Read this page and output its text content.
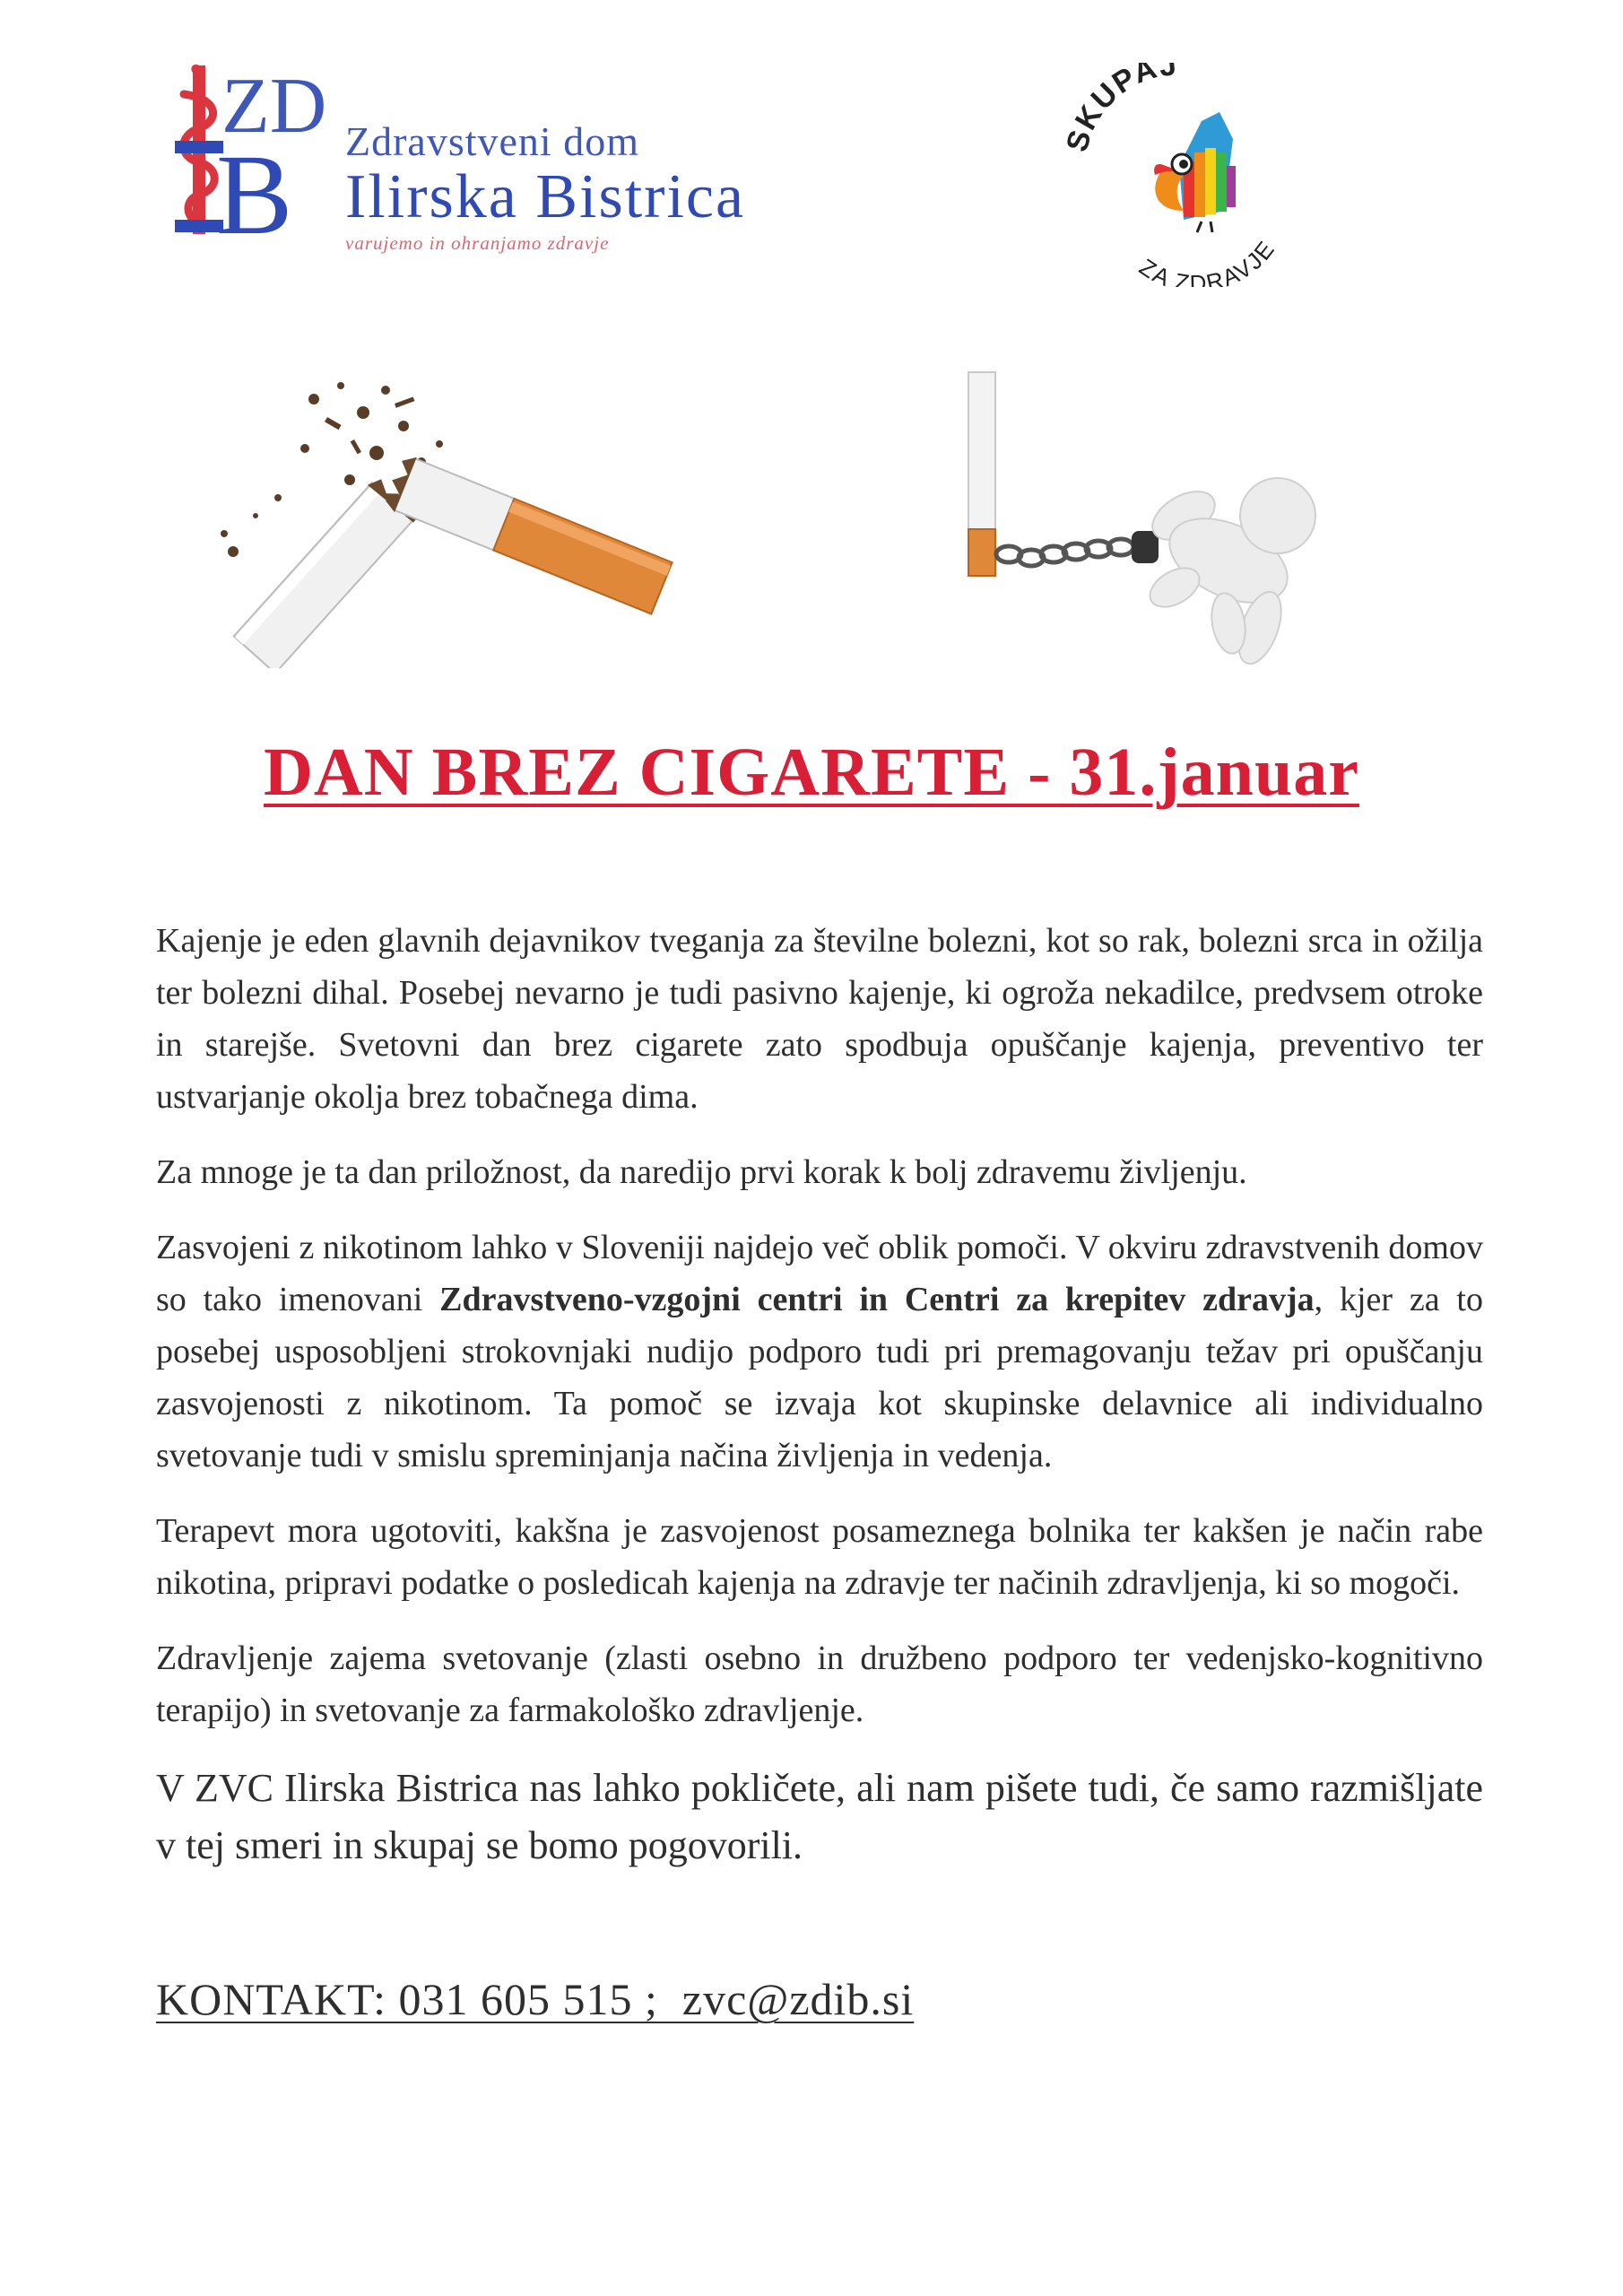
ZD
B Zdravstveni dom
Ilirska Bistrica
varujemo in ohranjamo zdravje
SKUPAJ
ZA ZDRAVJE
DAN BREZ CIGARETE - 31.januar

Kajenje je eden glavnih dejavnikov tveganja za številne bolezni, kot so rak, bolezni srca in ožilja ter bolezni dihal. Posebej nevarno je tudi pasivno kajenje, ki ogroža nekadilce, predvsem otroke in starejše. Svetovni dan brez cigarete zato spodbuja opuščanje kajenja, preventivo ter ustvarjanje okolja brez tobačnega dima.

Za mnoge je ta dan priložnost, da naredijo prvi korak k bolj zdravemu življenju.

Zasvojeni z nikotinom lahko v Sloveniji najdejo več oblik pomoči. V okviru zdravstvenih domov so tako imenovani Zdravstveno-vzgojni centri in Centri za krepitev zdravja, kjer za to posebej usposobljeni strokovnjaki nudijo podporo tudi pri premagovanju težav pri opuščanju zasvojenosti z nikotinom. Ta pomoč se izvaja kot skupinske delavnice ali individualno svetovanje tudi v smislu spreminjanja načina življenja in vedenja.

Terapevt mora ugotoviti, kakšna je zasvojenost posameznega bolnika ter kakšen je način rabe nikotina, pripravi podatke o posledicah kajenja na zdravje ter načinih zdravljenja, ki so mogoči.

Zdravljenje zajema svetovanje (zlasti osebno in družbeno podporo ter vedenjsko-kognitivno terapijo) in svetovanje za farmakološko zdravljenje.

V ZVC Ilirska Bistrica nas lahko pokličete, ali nam pišete tudi, če samo razmišljate v tej smeri in skupaj se bomo pogovorili.

KONTAKT: 031 605 515 ;  zvc@zdib.si
